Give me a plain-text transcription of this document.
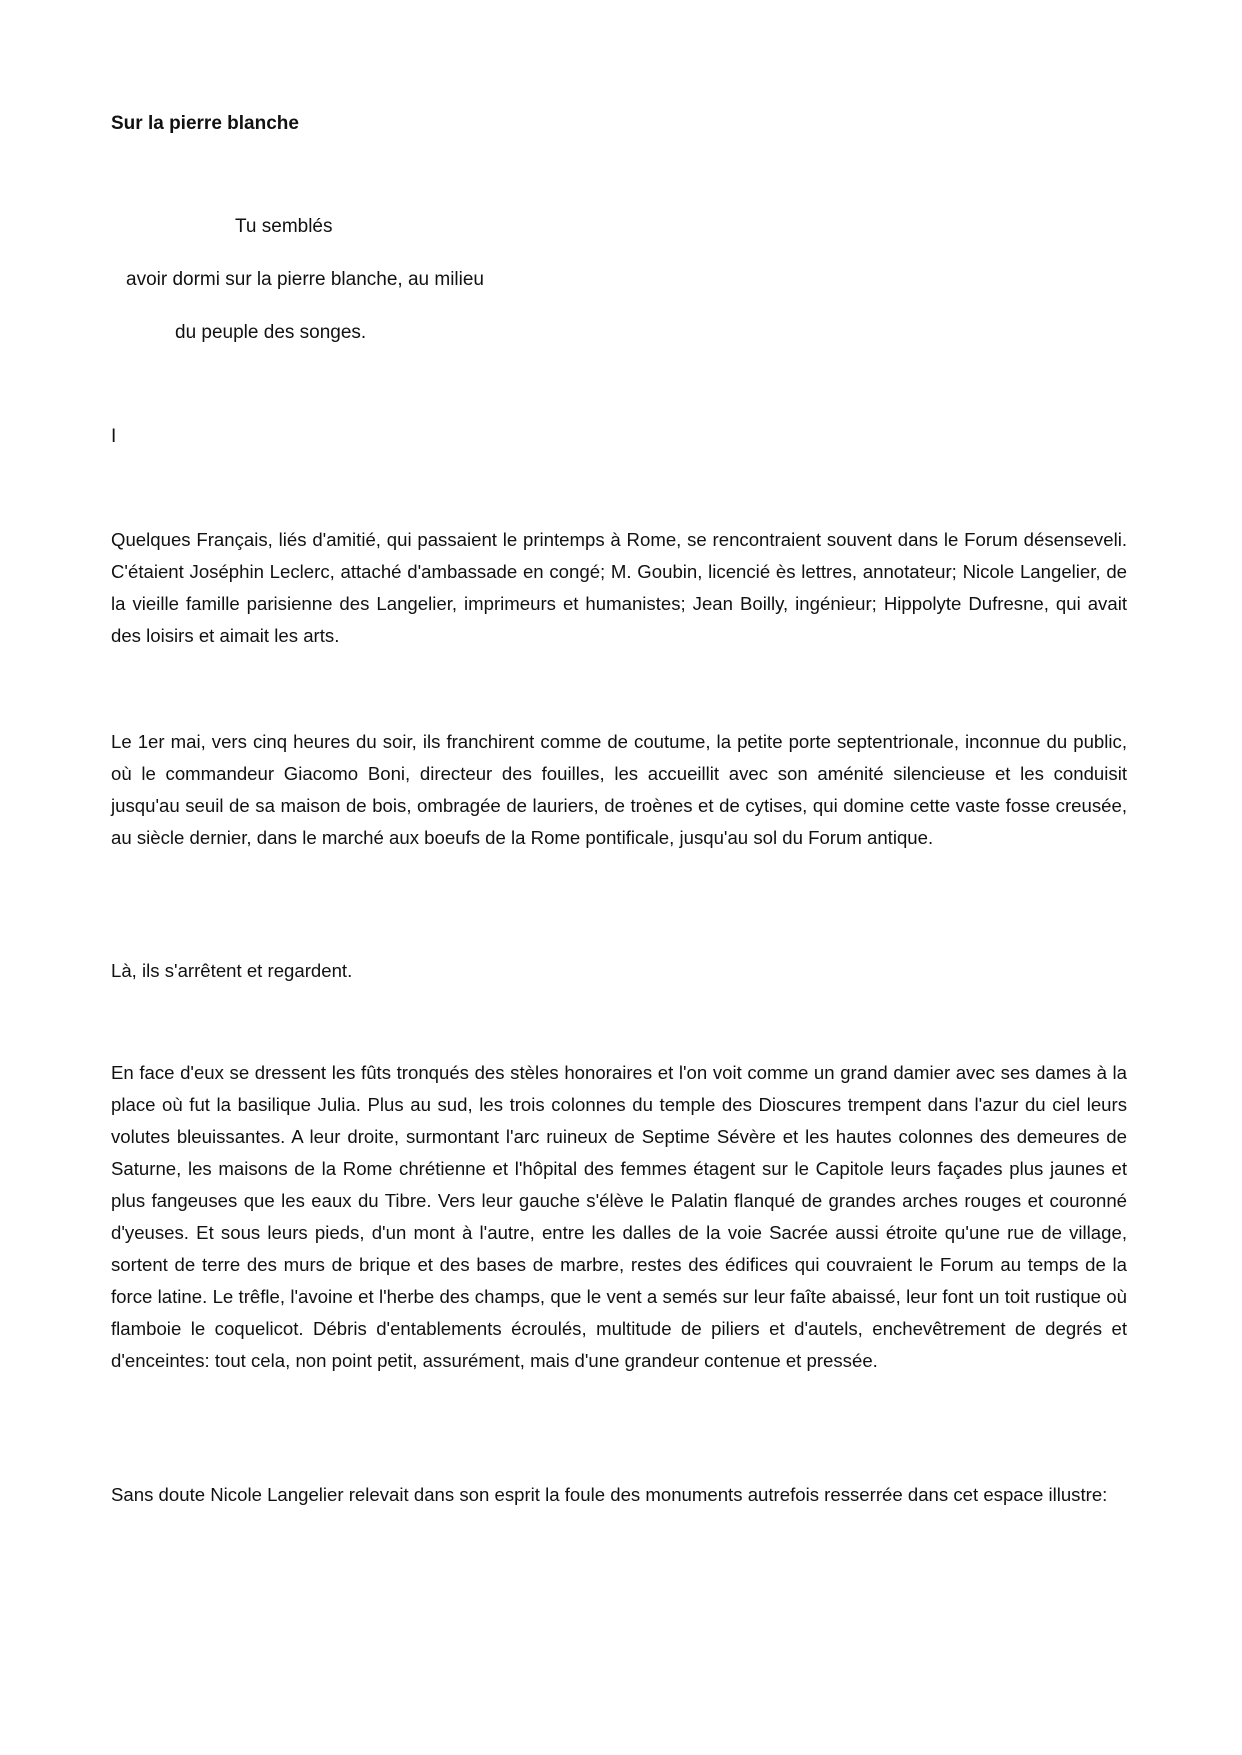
Sur la pierre blanche
Tu semblés
avoir dormi sur la pierre blanche, au milieu
du peuple des songes.
I

Quelques Français, liés d'amitié, qui passaient le printemps à Rome, se rencontraient souvent dans le Forum désenseveli. C'étaient Joséphin Leclerc, attaché d'ambassade en congé; M. Goubin, licencié ès lettres, annotateur; Nicole Langelier, de la vieille famille parisienne des Langelier, imprimeurs et humanistes; Jean Boilly, ingénieur; Hippolyte Dufresne, qui avait des loisirs et aimait les arts.

Le 1er mai, vers cinq heures du soir, ils franchirent comme de coutume, la petite porte septentrionale, inconnue du public, où le commandeur Giacomo Boni, directeur des fouilles, les accueillit avec son aménité silencieuse et les conduisit jusqu'au seuil de sa maison de bois, ombragée de lauriers, de troènes et de cytises, qui domine cette vaste fosse creusée, au siècle dernier, dans le marché aux boeufs de la Rome pontificale, jusqu'au sol du Forum antique.

Là, ils s'arrêtent et regardent.

En face d'eux se dressent les fûts tronqués des stèles honoraires et l'on voit comme un grand damier avec ses dames à la place où fut la basilique Julia. Plus au sud, les trois colonnes du temple des Dioscures trempent dans l'azur du ciel leurs volutes bleuissantes. A leur droite, surmontant l'arc ruineux de Septime Sévère et les hautes colonnes des demeures de Saturne, les maisons de la Rome chrétienne et l'hôpital des femmes étagent sur le Capitole leurs façades plus jaunes et plus fangeuses que les eaux du Tibre. Vers leur gauche s'élève le Palatin flanqué de grandes arches rouges et couronné d'yeuses. Et sous leurs pieds, d'un mont à l'autre, entre les dalles de la voie Sacrée aussi étroite qu'une rue de village, sortent de terre des murs de brique et des bases de marbre, restes des édifices qui couvraient le Forum au temps de la force latine. Le trêfle, l'avoine et l'herbe des champs, que le vent a semés sur leur faîte abaissé, leur font un toit rustique où flamboie le coquelicot. Débris d'entablements écroulés, multitude de piliers et d'autels, enchevêtrement de degrés et d'enceintes: tout cela, non point petit, assurément, mais d'une grandeur contenue et pressée.

Sans doute Nicole Langelier relevait dans son esprit la foule des monuments autrefois resserrée dans cet espace illustre:
